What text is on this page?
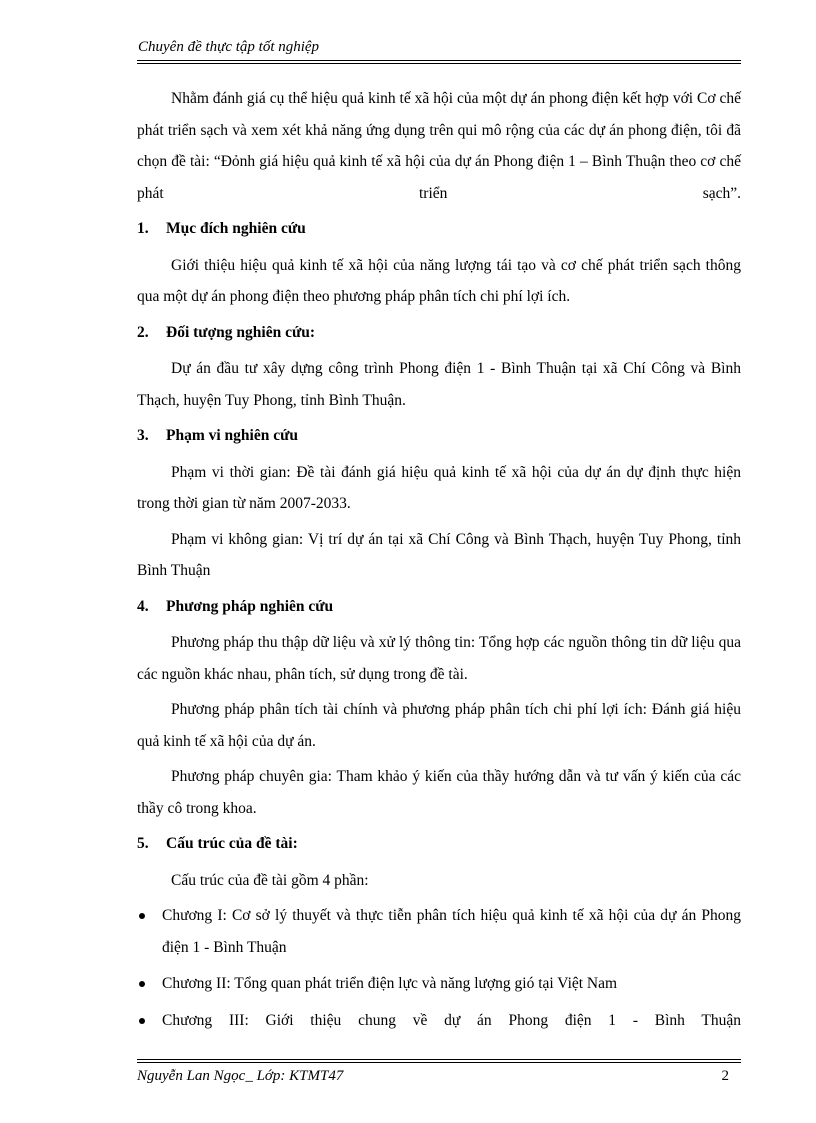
Chuyên đề thực tập tốt nghiệp

Nhằm đánh giá cụ thể hiệu quả kinh tế xã hội của một dự án phong điện kết hợp với Cơ chế phát triển sạch và xem xét khả năng ứng dụng trên qui mô rộng của các dự án phong điện, tôi đã chọn đề tài: “Đỏnh giá hiệu quả kinh tế xã hội của dự án Phong điện 1 – Bình Thuận theo cơ chế phát triển sạch”.

1.	Mục đích nghiên cứu

Giới thiệu hiệu quả kinh tế xã hội của năng lượng tái tạo và cơ chế phát triển sạch thông qua một dự án phong điện theo phương pháp phân tích chi phí lợi ích.

2.	Đối tượng nghiên cứu:

Dự án đầu tư xây dựng công trình Phong điện 1 - Bình Thuận tại xã Chí Công và Bình Thạch, huyện Tuy Phong, tỉnh Bình Thuận.

3.	Phạm vi nghiên cứu

Phạm vi thời gian: Đề tài đánh giá hiệu quả kinh tế xã hội của dự án dự định thực hiện trong thời gian từ năm 2007-2033.

Phạm vi không gian: Vị trí dự án tại xã Chí Công và Bình Thạch, huyện Tuy Phong, tỉnh Bình Thuận

4.	Phương pháp nghiên cứu

Phương pháp thu thập dữ liệu và xử lý thông tin: Tổng hợp các nguồn thông tin dữ liệu qua các nguồn khác nhau, phân tích, sử dụng trong đề tài.

Phương pháp phân tích tài chính và phương pháp phân tích chi phí lợi ích: Đánh giá hiệu quả kinh tế xã hội của dự án.

Phương pháp chuyên gia: Tham khảo ý kiến của thầy hướng dẫn và tư vấn ý kiến của các thầy cô trong khoa.

5.	Cấu trúc của đề tài:

Cấu trúc của đề tài gồm 4 phần:

Chương I: Cơ sở lý thuyết và thực tiễn phân tích hiệu quả kinh tế xã hội của dự án Phong điện 1 - Bình Thuận
Chương II: Tổng quan phát triển điện lực và năng lượng gió tại Việt Nam
Chương III: Giới thiệu chung về dự án Phong điện 1 - Bình Thuận
Nguyễn Lan Ngọc_ Lớp: KTMT47	2
